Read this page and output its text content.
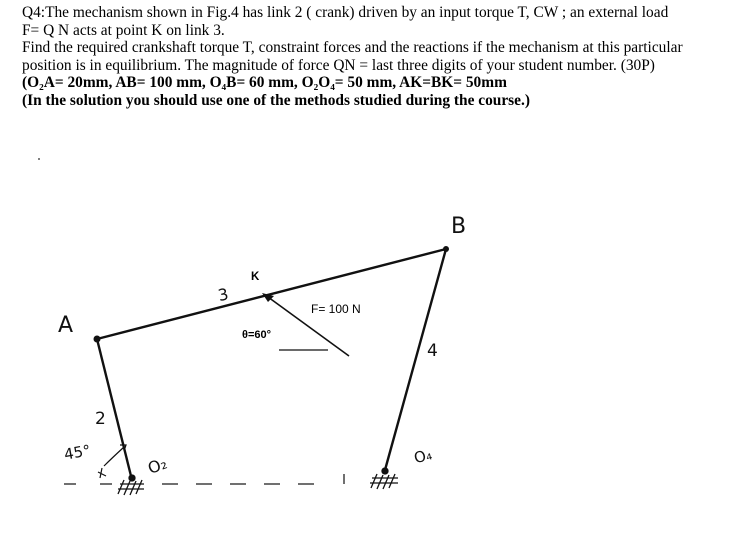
Q4:The mechanism shown in Fig.4 has link 2 ( crank) driven by an input torque T, CW ; an external load

F= Q N acts at point K on link 3.

Find the required crankshaft torque T, constraint forces and the reactions if the mechanism at this particular

position is in equilibrium. The magnitude of force QN = last three digits of your student number. (30P)

(O₂A= 20mm, AB= 100 mm, O₄B= 60 mm, O₂O₄= 50 mm, AK=BK= 50mm

(In the solution you should use one of the methods studied during the course.)

A
B
2
3
4
O₂	O₄
45°
K
F= 100 N
θ=60°
